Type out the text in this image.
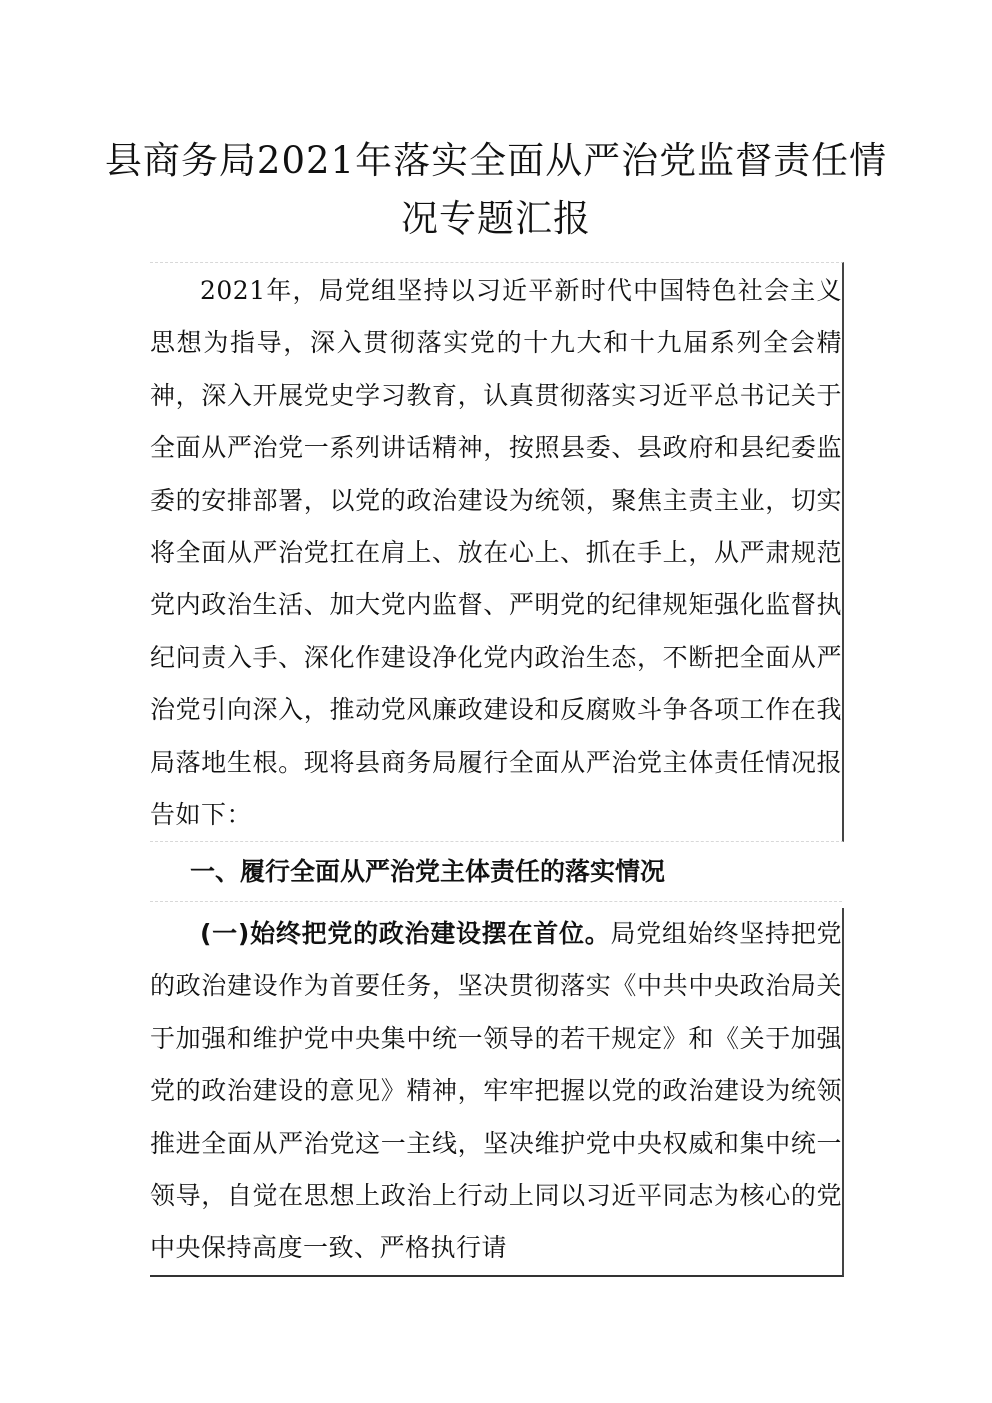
县商务局2021年落实全面从严治党监督责任情况专题汇报

2021年，局党组坚持以习近平新时代中国特色社会主义思想为指导，深入贯彻落实党的十九大和十九届系列全会精神，深入开展党史学习教育，认真贯彻落实习近平总书记关于全面从严治党一系列讲话精神，按照县委、县政府和县纪委监委的安排部署，以党的政治建设为统领，聚焦主责主业，切实将全面从严治党扛在肩上、放在心上、抓在手上，从严肃规范党内政治生活、加大党内监督、严明党的纪律规矩强化监督执纪问责入手、深化作建设净化党内政治生态，不断把全面从严治党引向深入，推动党风廉政建设和反腐败斗争各项工作在我局落地生根。现将县商务局履行全面从严治党主体责任情况报告如下：

一、履行全面从严治党主体责任的落实情况

(一)始终把党的政治建设摆在首位。局党组始终坚持把党的政治建设作为首要任务，坚决贯彻落实《中共中央政治局关于加强和维护党中央集中统一领导的若干规定》和《关于加强党的政治建设的意见》精神，牢牢把握以党的政治建设为统领推进全面从严治党这一主线，坚决维护党中央权威和集中统一领导，自觉在思想上政治上行动上同以习近平同志为核心的党中央保持高度一致、严格执行请
